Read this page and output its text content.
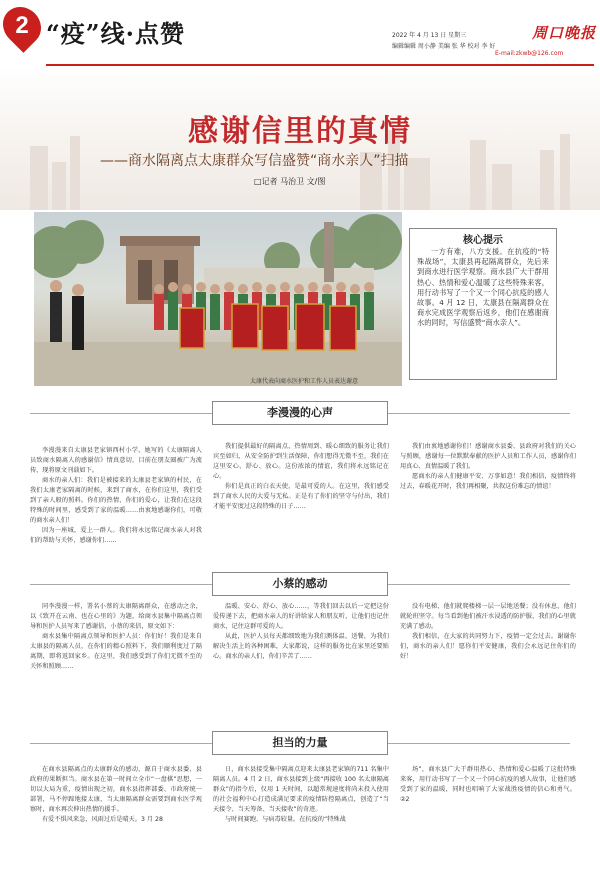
2 “疫”线·点赞	2022 年 4 月 13 日 星期三
编辑编辑 周小静 美编 张 华 校对 李 好
周口晚报
E-mail:zkwb@126.com
感谢信里的真情
——商水隔离点太康群众写信盛赞“商水亲人”扫描
□记者 马治卫 文/图
太康代表向商水医护和工作人员表达谢意
核心提示
一方有难，八方支援。在抗疫的“特殊战场”，太康县再起隔离群众，先后来到商水进行医学观察。商水县广大干群用热心、热情和爱心温暖了这些特殊来客，用行动书写了一个又一个同心抗疫的感人故事。4 月 12 日，太康县在隔离群众在商水完成医学观察后返乡，他们在感谢商水的同时，写信盛赞“商水亲人”。
李漫漫的心声

李漫漫来自太康县老家镇西村小学，她写的《太康隔离人员致商水隔离人的感谢信》情真意切，目前在朋友圈被广为流传，现将原文刊载如下。

商水的亲人们：我们是被接来的太康县老家镇的村民，在我们太康老家隔离的时候，来到了商水，在你们这里，我们受到了亲人般的照料。你们的热情、你们的爱心，让我们在这段特殊的时间里，感受到了家的温暖……由衷地感谢你们，可敬的商水亲人们！

因为一座城，爱上一群人。我们将永远铭记商水亲人对我们的帮助与关怀，感谢你们……

我们提供最好的隔离点，热情周到、暖心细致的服务让我们宾至如归，从安全防护到生活保障，你们想得无微不至，我们在这里安心、舒心、放心。这份浓浓的情谊，我们将永远铭记在心。

你们是真正的白衣天使，是最可爱的人。在这里，我们感受到了商水人民的大爱与无私。正是有了你们的坚守与付出，我们才能平安度过这段特殊的日子……

我们由衷地感谢你们！感谢商水县委、县政府对我们的关心与照顾，感谢每一位默默奉献的医护人员和工作人员，感谢你们用真心、真情温暖了我们。

愿商水的亲人们健康平安、万事如意！我们相信，疫情终将过去，春暖花开时，我们再相聚，共叙这份难忘的情谊！

小蔡的感动

同李漫漫一样，署名小蔡的太康隔离群众，在感动之余，以《致开在云南、也在心里的》为题，给商水县集中隔离点领导和医护人员写来了感谢信，小蔡的来信，原文如下：

商水县集中隔离点领导和医护人员：你们好！我们是来自太康县的隔离人员，在你们的精心照料下，我们顺利度过了隔离期，即将返回家乡。在这里，我们感受到了你们无微不至的关怀和照顾……

温暖、安心、舒心、放心……，等我们回去以后一定把这份爱传递下去，把商水亲人的好讲给家人和朋友听，让他们也记住商水，记住这群可爱的人。

从此，医护人员每天都细致地为我们测体温、送餐，为我们解决生活上的各种困难，大家都说，这样的服务比在家里还要贴心。商水的亲人们，你们辛苦了……

没有电梯，他们就爬楼梯一层一层地送餐；没有休息，他们就轮班坚守。每当看到他们被汗水浸透的防护服，我们的心里就充满了感动。

我们相信，在大家的共同努力下，疫情一定会过去。谢谢你们，商水的亲人们！愿你们平安健康，我们会永远记住你们的好！

担当的力量

在商水县隔离点的太康群众的感动，源自于商水县委、县政府的果断担当。商水县在第一时间立全市“一盘棋”思想，一切以大局为重，疫情出现之初，商水县指挥部委、市政府统一部署，马不停蹄地接太康，当太康隔离群众需要到商水医学观察时，商水再次伸出热情的援手。

有爱不惧风来急，风雨过后是晴天。3 月 28

日，商水县接受集中隔离点迎来太康县老家镇的711 名集中隔离人员。4 月 2 日，商水县接到上级“再接收 100 名太康隔离群众”的指令后，仅用 1 天时间，以超常规速度将尚未投入使用的社会福利中心打造成满足要求的疫情防控隔离点，创造了“当天接令、当天筹备、当天接收”的奇迹。

与时间赛跑、与病毒较量。在抗疫的“特殊战

场”，商水县广大干群用热心、热情和爱心温暖了这批特殊来客，用行动书写了一个又一个同心抗疫的感人故事，让他们感受到了家的温暖，同时也唱响了大家战胜疫情的信心和勇气。②2
